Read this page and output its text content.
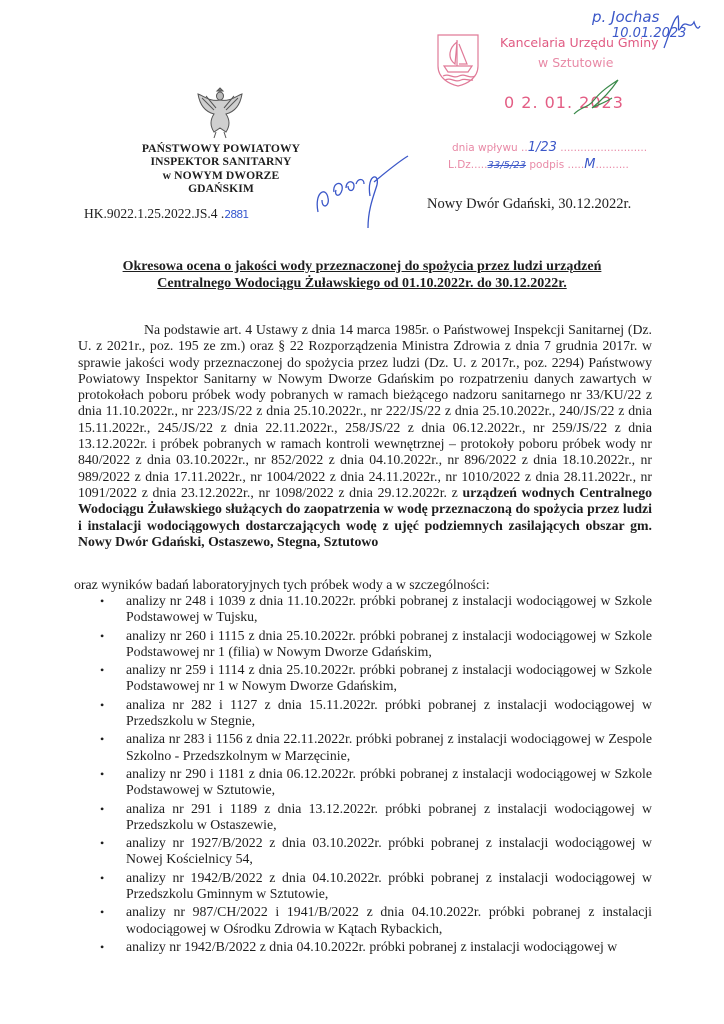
PAŃSTWOWY POWIATOWY
INSPEKTOR SANITARNY
w NOWYM DWORZE
GDAŃSKIM
HK.9022.1.25.2022.JS.4 .2881
Kancelaria Urzędu Gminy
w Sztutowie
0 2. 01. 2023
p. Jochas
10.01.2023
dnia wpływu ..1/23 ..........................
L.Dz.....33/5/23 podpis .....M..........
Nowy Dwór Gdański, 30.12.2022r.
Okresowa ocena o jakości wody przeznaczonej do spożycia przez ludzi urządzeń
Centralnego Wodociągu Żuławskiego od 01.10.2022r. do 30.12.2022r.
Na podstawie art. 4 Ustawy z dnia 14 marca 1985r. o Państwowej Inspekcji Sanitarnej (Dz. U. z 2021r., poz. 195 ze zm.) oraz § 22 Rozporządzenia Ministra Zdrowia z dnia 7 grudnia 2017r. w sprawie jakości wody przeznaczonej do spożycia przez ludzi (Dz. U. z 2017r., poz. 2294) Państwowy Powiatowy Inspektor Sanitarny w Nowym Dworze Gdańskim po rozpatrzeniu danych zawartych w protokołach poboru próbek wody pobranych w ramach bieżącego nadzoru sanitarnego nr 33/KU/22 z dnia 11.10.2022r., nr 223/JS/22 z dnia 25.10.2022r., nr 222/JS/22 z dnia 25.10.2022r., 240/JS/22 z dnia 15.11.2022r., 245/JS/22 z dnia 22.11.2022r., 258/JS/22 z dnia 06.12.2022r., nr 259/JS/22 z dnia 13.12.2022r. i próbek pobranych w ramach kontroli wewnętrznej – protokoły poboru próbek wody nr 840/2022 z dnia 03.10.2022r., nr 852/2022 z dnia 04.10.2022r., nr 896/2022 z dnia 18.10.2022r., nr 989/2022 z dnia 17.11.2022r., nr 1004/2022 z dnia 24.11.2022r., nr 1010/2022 z dnia 28.11.2022r., nr 1091/2022 z dnia 23.12.2022r., nr 1098/2022 z dnia 29.12.2022r. z urządzeń wodnych Centralnego Wodociągu Żuławskiego służących do zaopatrzenia w wodę przeznaczoną do spożycia przez ludzi i instalacji wodociągowych dostarczających wodę z ujęć podziemnych zasilających obszar gm. Nowy Dwór Gdański, Ostaszewo, Stegna, Sztutowo
oraz wyników badań laboratoryjnych tych próbek wody a w szczególności:
• analizy nr 248 i 1039 z dnia 11.10.2022r. próbki pobranej z instalacji wodociągowej w Szkole Podstawowej w Tujsku,
• analizy nr 260 i 1115 z dnia 25.10.2022r. próbki pobranej z instalacji wodociągowej w Szkole Podstawowej nr 1 (filia) w Nowym Dworze Gdańskim,
• analizy nr 259 i 1114 z dnia 25.10.2022r. próbki pobranej z instalacji wodociągowej w Szkole Podstawowej nr 1 w Nowym Dworze Gdańskim,
• analiza nr 282 i 1127 z dnia 15.11.2022r. próbki pobranej z instalacji wodociągowej w Przedszkolu w Stegnie,
• analiza nr 283 i 1156 z dnia 22.11.2022r. próbki pobranej z instalacji wodociągowej w Zespole Szkolno - Przedszkolnym w Marzęcinie,
• analizy nr 290 i 1181 z dnia 06.12.2022r. próbki pobranej z instalacji wodociągowej w Szkole Podstawowej w Sztutowie,
• analiza nr 291 i 1189 z dnia 13.12.2022r. próbki pobranej z instalacji wodociągowej w Przedszkolu w Ostaszewie,
• analizy nr 1927/B/2022 z dnia 03.10.2022r. próbki pobranej z instalacji wodociągowej w Nowej Kościelnicy 54,
• analizy nr 1942/B/2022 z dnia 04.10.2022r. próbki pobranej z instalacji wodociągowej w Przedszkolu Gminnym w Sztutowie,
• analizy nr 987/CH/2022 i 1941/B/2022 z dnia 04.10.2022r. próbki pobranej z instalacji wodociągowej w Ośrodku Zdrowia w Kątach Rybackich,
• analizy nr 1942/B/2022 z dnia 04.10.2022r. próbki pobranej z instalacji wodociągowej w
